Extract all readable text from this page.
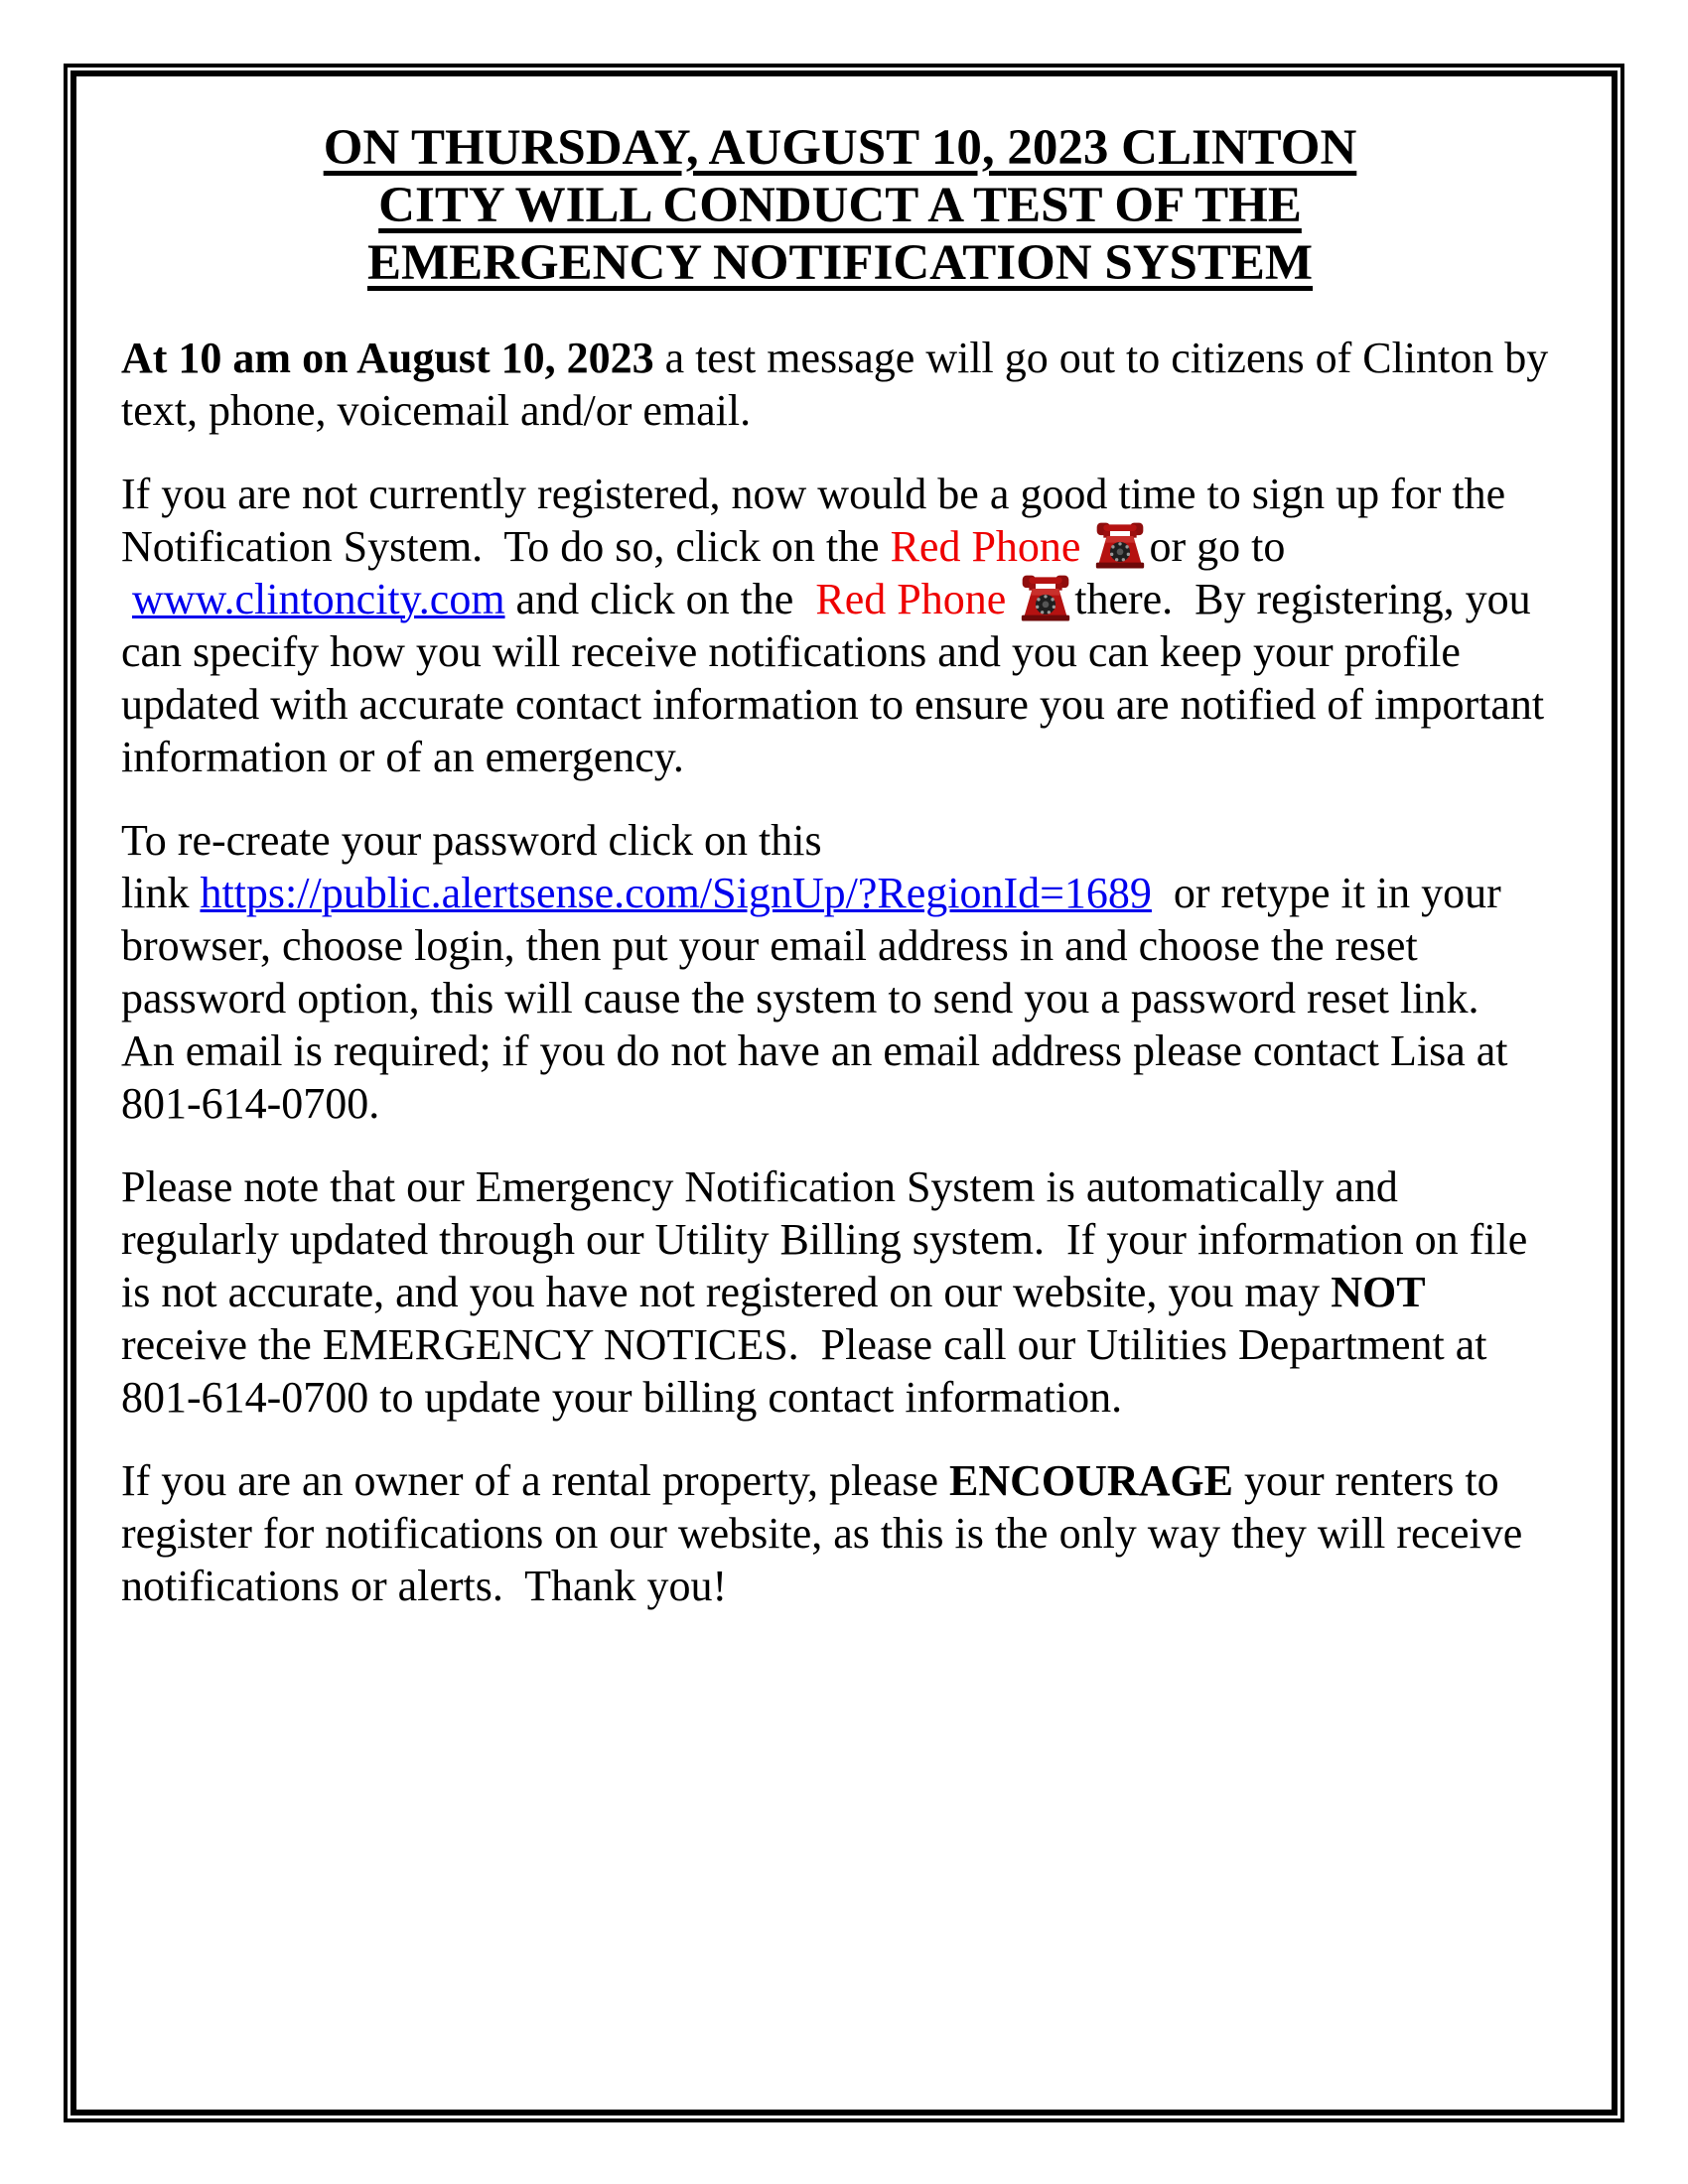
ON THURSDAY, AUGUST 10, 2023 CLINTON
CITY WILL CONDUCT A TEST OF THE
EMERGENCY NOTIFICATION SYSTEM

At 10 am on August 10, 2023 a test message will go out to citizens of Clinton by text, phone, voicemail and/or email.

If you are not currently registered, now would be a good time to sign up for the Notification System.  To do so, click on the Red Phone or go to  www.clintoncity.com and click on the  Red Phone there.  By registering, you can specify how you will receive notifications and you can keep your profile updated with accurate contact information to ensure you are notified of important information or of an emergency.

To re-create your password click on this
link https://public.alertsense.com/SignUp/?RegionId=1689  or retype it in your browser, choose login, then put your email address in and choose the reset password option, this will cause the system to send you a password reset link.   An email is required; if you do not have an email address please contact Lisa at 801-614-0700.

Please note that our Emergency Notification System is automatically and regularly updated through our Utility Billing system.  If your information on file is not accurate, and you have not registered on our website, you may NOT receive the EMERGENCY NOTICES.  Please call our Utilities Department at 801-614-0700 to update your billing contact information.

If you are an owner of a rental property, please ENCOURAGE your renters to register for notifications on our website, as this is the only way they will receive notifications or alerts.  Thank you!
